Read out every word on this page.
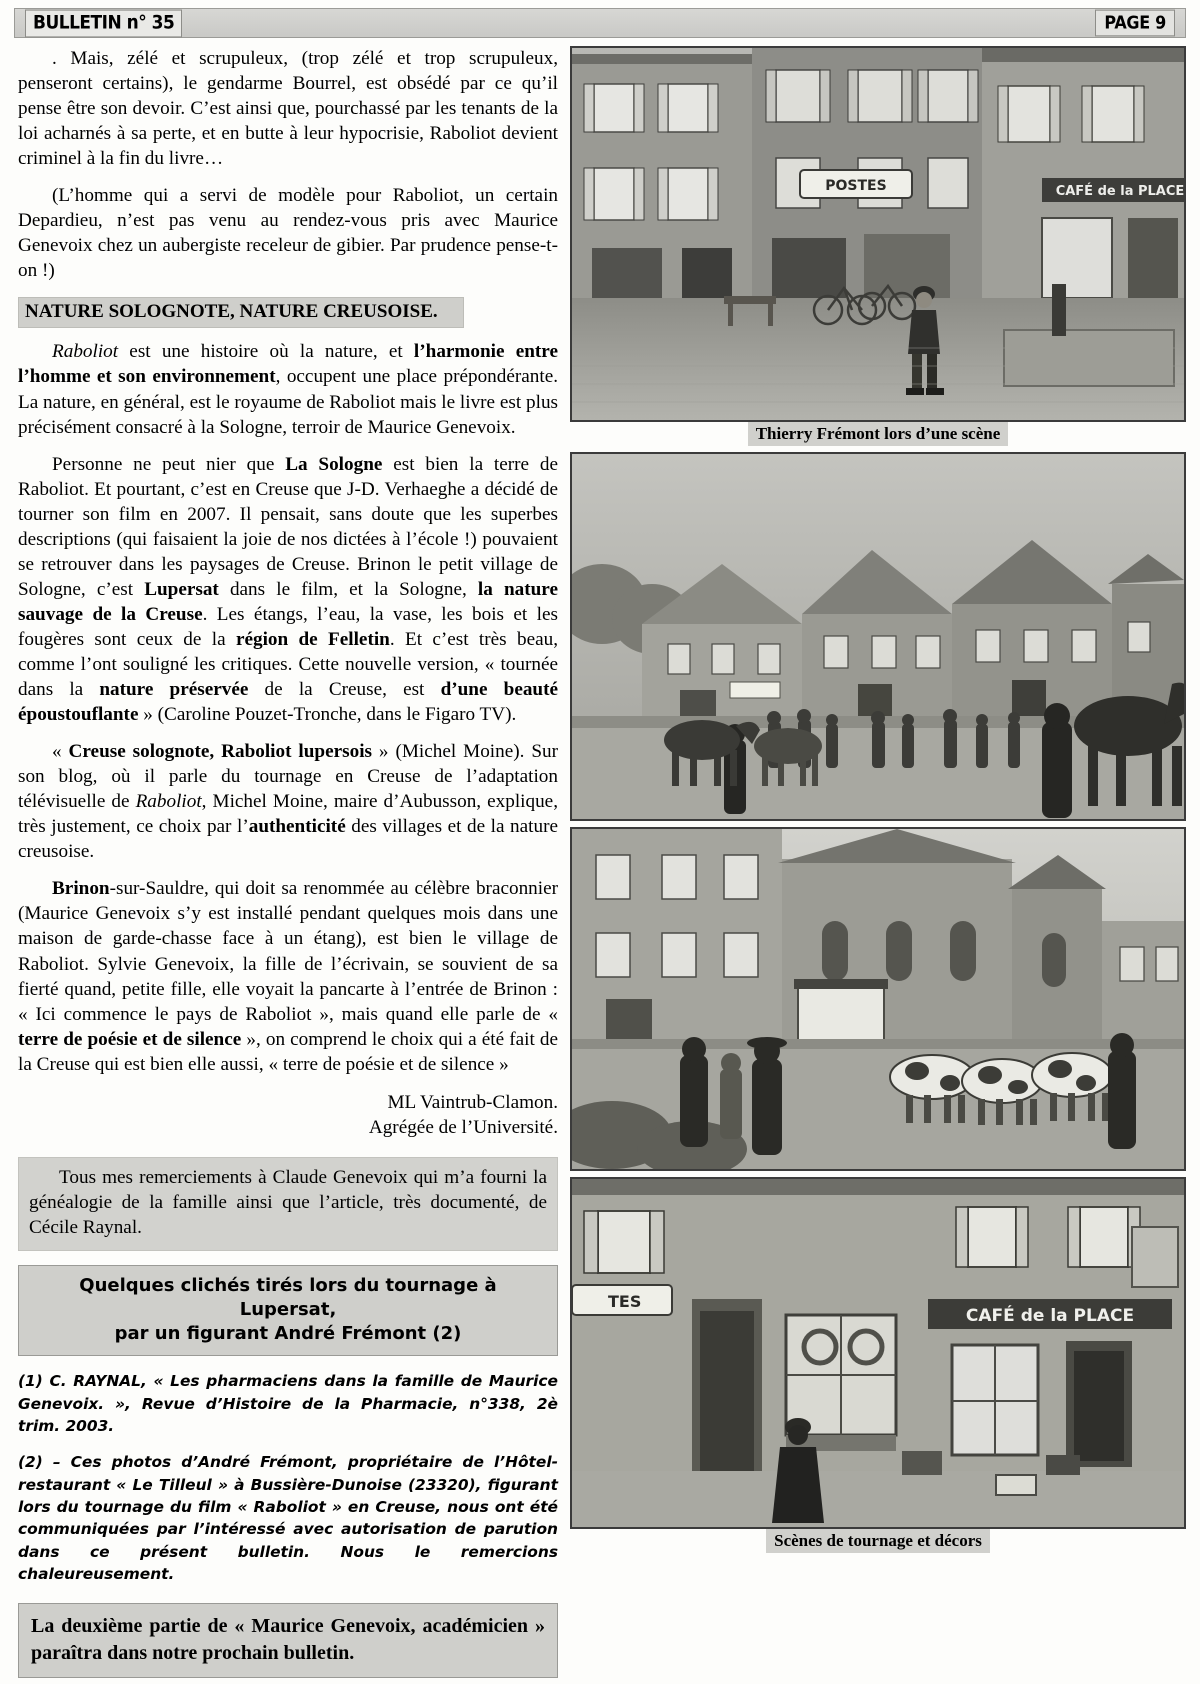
BULLETIN n° 35	PAGE 9

. Mais, zélé et scrupuleux, (trop zélé et trop scrupuleux, penseront certains), le gendarme Bourrel, est obsédé par ce qu’il pense être son devoir. C’est ainsi que, pourchassé par les tenants de la loi acharnés à sa perte, et en butte à leur hypocrisie, Raboliot devient criminel à la fin du livre…

(L’homme qui a servi de modèle pour Raboliot, un certain Depardieu, n’est pas venu au rendez-vous pris avec Maurice Genevoix chez un aubergiste receleur de gibier. Par prudence pense-t-on !)

NATURE SOLOGNOTE, NATURE CREUSOISE.

Raboliot est une histoire où la nature, et l’harmonie entre l’homme et son environnement, occupent une place prépondérante. La nature, en général, est le royaume de Raboliot mais le livre est plus précisément consacré à la Sologne, terroir de Maurice Genevoix.

Personne ne peut nier que La Sologne est bien la terre de Raboliot. Et pourtant, c’est en Creuse que J-D. Verhaeghe a décidé de tourner son film en 2007. Il pensait, sans doute que les superbes descriptions (qui faisaient la joie de nos dictées à l’école !) pouvaient se retrouver dans les paysages de Creuse. Brinon le petit village de Sologne, c’est Lupersat dans le film, et la Sologne, la nature sauvage de la Creuse. Les étangs, l’eau, la vase, les bois et les fougères sont ceux de la région de Felletin. Et c’est très beau, comme l’ont souligné les critiques. Cette nouvelle version, « tournée dans la nature préservée de la Creuse, est d’une beauté époustouflante » (Caroline Pouzet-Tronche, dans le Figaro TV).

« Creuse solognote, Raboliot lupersois » (Michel Moine). Sur son blog, où il parle du tournage en Creuse de l’adaptation télévisuelle de Raboliot, Michel Moine, maire d’Aubusson, explique, très justement, ce choix par l’authenticité des villages et de la nature creusoise.

Brinon-sur-Sauldre, qui doit sa renommée au célèbre braconnier (Maurice Genevoix s’y est installé pendant quelques mois dans une maison de garde-chasse face à un étang), est bien le village de Raboliot. Sylvie Genevoix, la fille de l’écrivain, se souvient de sa fierté quand, petite fille, elle voyait la pancarte à l’entrée de Brinon : « Ici commence le pays de Raboliot », mais quand elle parle de « terre de poésie et de silence », on comprend le choix qui a été fait de la Creuse qui est bien elle aussi, « terre de poésie et de silence »

ML Vaintrub-Clamon.
Agrégée de l’Université.
Tous mes remerciements à Claude Genevoix qui m’a fourni la généalogie de la famille ainsi que l’article, très documenté, de Cécile Raynal.
Quelques clichés tirés lors du tournage à Lupersat,
par un figurant André Frémont (2)
(1) C. RAYNAL, « Les pharmaciens dans la famille de Maurice Genevoix. », Revue d’Histoire de la Pharmacie, n°338, 2è trim. 2003.
(2) – Ces photos d’André Frémont, propriétaire de l’Hôtel-restaurant « Le Tilleul » à Bussière-Dunoise (23320), figurant lors du tournage du film « Raboliot » en Creuse, nous ont été communiquées par l’intéressé avec autorisation de parution dans ce présent bulletin. Nous le remercions chaleureusement.
La deuxième partie de « Maurice Genevoix, académicien » paraîtra dans notre prochain bulletin.
POSTES	CAFÉ de la PLACE
Thierry Frémont lors d’une scène
TES
CAFÉ de la PLACE
Scènes de tournage et décors
